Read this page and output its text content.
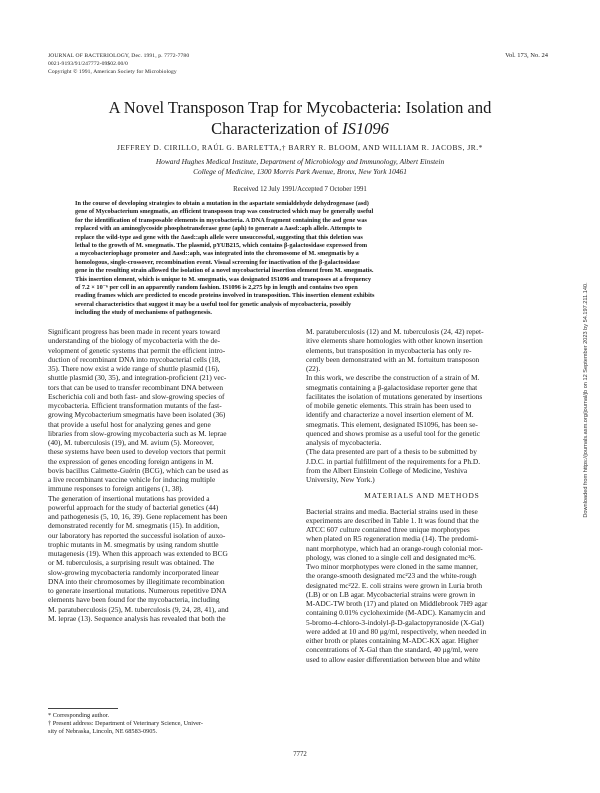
JOURNAL OF BACTERIOLOGY, Dec. 1991, p. 7772-7780
0021-9193/91/247772-09$02.00/0
Copyright © 1991, American Society for Microbiology
Vol. 173, No. 24
A Novel Transposon Trap for Mycobacteria: Isolation and
Characterization of IS1096
JEFFREY D. CIRILLO, RAÚL G. BARLETTA,† BARRY R. BLOOM, AND WILLIAM R. JACOBS, JR.*
Howard Hughes Medical Institute, Department of Microbiology and Immunology, Albert Einstein
College of Medicine, 1300 Morris Park Avenue, Bronx, New York 10461
Received 12 July 1991/Accepted 7 October 1991
In the course of developing strategies to obtain a mutation in the aspartate semialdehyde dehydrogenase (asd)
gene of Mycobacterium smegmatis, an efficient transposon trap was constructed which may be generally useful
for the identification of transposable elements in mycobacteria. A DNA fragment containing the asd gene was
replaced with an aminoglycoside phosphotransferase gene (aph) to generate a Δasd::aph allele. Attempts to
replace the wild-type asd gene with the Δasd::aph allele were unsuccessful, suggesting that this deletion was
lethal to the growth of M. smegmatis. The plasmid, pYUB215, which contains β-galactosidase expressed from
a mycobacteriophage promoter and Δasd::aph, was integrated into the chromosome of M. smegmatis by a
homologous, single-crossover, recombination event. Visual screening for inactivation of the β-galactosidase
gene in the resulting strain allowed the isolation of a novel mycobacterial insertion element from M. smegmatis.
This insertion element, which is unique to M. smegmatis, was designated IS1096 and transposes at a frequency
of 7.2 × 10⁻⁶ per cell in an apparently random fashion. IS1096 is 2,275 bp in length and contains two open
reading frames which are predicted to encode proteins involved in transposition. This insertion element exhibits
several characteristics that suggest it may be a useful tool for genetic analysis of mycobacteria, possibly
including the study of mechanisms of pathogenesis.
Significant progress has been made in recent years toward
understanding of the biology of mycobacteria with the de-
velopment of genetic systems that permit the efficient intro-
duction of recombinant DNA into mycobacterial cells (18,
35). There now exist a wide range of shuttle plasmid (16),
shuttle plasmid (30, 35), and integration-proficient (21) vec-
tors that can be used to transfer recombinant DNA between
Escherichia coli and both fast- and slow-growing species of
mycobacteria. Efficient transformation mutants of the fast-
growing Mycobacterium smegmatis have been isolated (36)
that provide a useful host for analyzing genes and gene
libraries from slow-growing mycobacteria such as M. leprae
(40), M. tuberculosis (19), and M. avium (5). Moreover,
these systems have been used to develop vectors that permit
the expression of genes encoding foreign antigens in M.
bovis bacillus Calmette-Guérin (BCG), which can be used as
a live recombinant vaccine vehicle for inducing multiple
immune responses to foreign antigens (1, 38).
The generation of insertional mutations has provided a
powerful approach for the study of bacterial genetics (44)
and pathogenesis (5, 10, 16, 39). Gene replacement has been
demonstrated recently for M. smegmatis (15). In addition,
our laboratory has reported the successful isolation of auxo-
trophic mutants in M. smegmatis by using random shuttle
mutagenesis (19). When this approach was extended to BCG
or M. tuberculosis, a surprising result was obtained. The
slow-growing mycobacteria randomly incorporated linear
DNA into their chromosomes by illegitimate recombination
to generate insertional mutations. Numerous repetitive DNA
elements have been found for the mycobacteria, including
M. paratuberculosis (25), M. tuberculosis (9, 24, 28, 41), and
M. leprae (13). Sequence analysis has revealed that both the
M. paratuberculosis (12) and M. tuberculosis (24, 42) repet-
itive elements share homologies with other known insertion
elements, but transposition in mycobacteria has only re-
cently been demonstrated with an M. fortuitum transposon
(22).
In this work, we describe the construction of a strain of M.
smegmatis containing a β-galactosidase reporter gene that
facilitates the isolation of mutations generated by insertions
of mobile genetic elements. This strain has been used to
identify and characterize a novel insertion element of M.
smegmatis. This element, designated IS1096, has been se-
quenced and shows promise as a useful tool for the genetic
analysis of mycobacteria.
(The data presented are part of a thesis to be submitted by
J.D.C. in partial fulfillment of the requirements for a Ph.D.
from the Albert Einstein College of Medicine, Yeshiva
University, New York.)
MATERIALS AND METHODS
Bacterial strains and media. Bacterial strains used in these
experiments are described in Table 1. It was found that the
ATCC 607 culture contained three unique morphotypes
when plated on R5 regeneration media (14). The predomi-
nant morphotype, which had an orange-rough colonial mor-
phology, was cloned to a single cell and designated mc²6.
Two minor morphotypes were cloned in the same manner,
the orange-smooth designated mc²23 and the white-rough
designated mc²22. E. coli strains were grown in Luria broth
(LB) or on LB agar. Mycobacterial strains were grown in
M-ADC-TW broth (17) and plated on Middlebrook 7H9 agar
containing 0.01% cycloheximide (M-ADC). Kanamycin and
5-bromo-4-chloro-3-indolyl-β-D-galactopyranoside (X-Gal)
were added at 10 and 80 μg/ml, respectively, when needed in
either broth or plates containing M-ADC-KX agar. Higher
concentrations of X-Gal than the standard, 40 μg/ml, were
used to allow easier differentiation between blue and white
* Corresponding author.
† Present address: Department of Veterinary Science, Univer-
sity of Nebraska, Lincoln, NE 68583-0905.
7772
Downloaded from https://journals.asm.org/journal/jb on 12 September 2023 by 54.197.211.140.
